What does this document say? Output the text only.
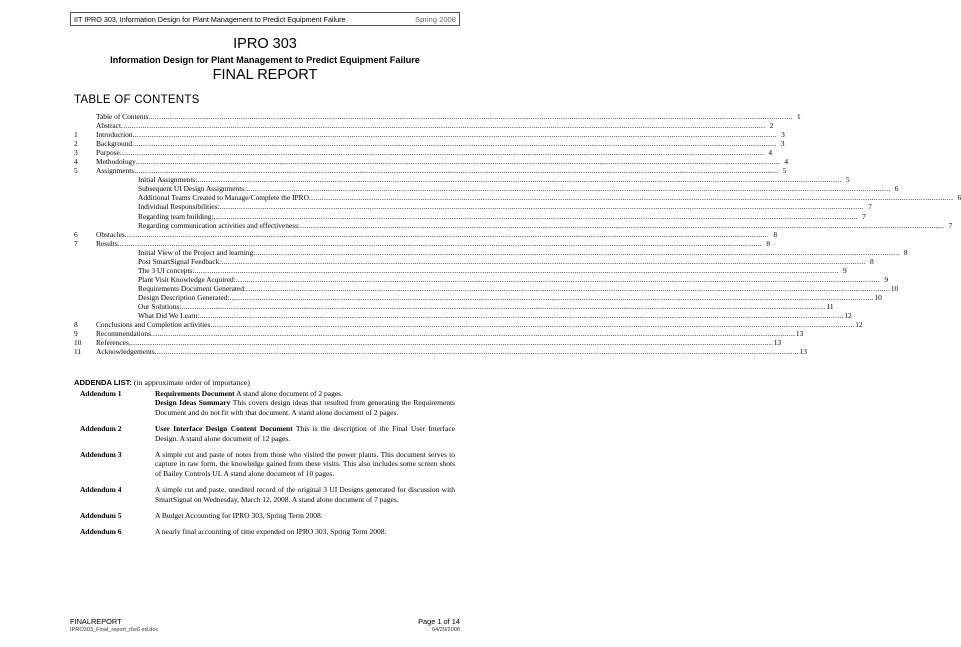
IIT IPRO 303, Information Design for Plant Management to Predict Equipment Failure	Spring 2008
IPRO 303
Information Design for Plant Management to Predict Equipment Failure
FINAL REPORT
TABLE OF CONTENTS
Table of Contents ............................................................................................................................................................................................................................................................................................................ 1
Abstract ............................................................................................................................................................................................................................................................................................................ 2
1	Introduction ............................................................................................................................................................................................................................................................................................................ 3
2	Background ............................................................................................................................................................................................................................................................................................................ 3
3	Purpose ............................................................................................................................................................................................................................................................................................................ 4
4	Methodology ............................................................................................................................................................................................................................................................................................................ 4
5	Assignments ............................................................................................................................................................................................................................................................................................................ 5
Initial Assignments: ............................................................................................................................................................................................................................................................................................................ 5
Subsequent UI Design Assignments: ............................................................................................................................................................................................................................................................................................................ 6
Additional Teams Created to Manage/Complete the IPRO ............................................................................................................................................................................................................................................................................................................ 6
Individual Responsibilities: ............................................................................................................................................................................................................................................................................................................ 7
Regarding team building: ............................................................................................................................................................................................................................................................................................................ 7
Regarding communication activities and effectiveness: ............................................................................................................................................................................................................................................................................................................ 7
6	Obstacles ............................................................................................................................................................................................................................................................................................................ 8
7	Results ............................................................................................................................................................................................................................................................................................................ 8
Initial View of the Project and learning: ............................................................................................................................................................................................................................................................................................................ 8
Post SmartSignal Feedback: ............................................................................................................................................................................................................................................................................................................ 8
The 3 UI concepts: ............................................................................................................................................................................................................................................................................................................ 9
Plant Visit Knowledge Acquired: ............................................................................................................................................................................................................................................................................................................ 9
Requirements Document Generated: ............................................................................................................................................................................................................................................................................................................ 10
Design Description Generated: ............................................................................................................................................................................................................................................................................................................ 10
Our Solutions: ............................................................................................................................................................................................................................................................................................................ 11
What Did We Learn: ............................................................................................................................................................................................................................................................................................................ 12
8	Conclusions and Completion activities ............................................................................................................................................................................................................................................................................................................ 12
9	Recommendations ............................................................................................................................................................................................................................................................................................................ 13
10	References ............................................................................................................................................................................................................................................................................................................ 13
11	Acknowledgements ............................................................................................................................................................................................................................................................................................................ 13
ADDENDA LIST: (in approximate order of importance)
Addendum 1	Requirements Document A stand alone document of 2 pages.

Design Ideas Summary This covers design ideas that resulted from generating the Requirements Document and do not fit with that document. A stand alone document of 2 pages.

Addendum 2	User Interface Design Content Document This is the description of the Final User Interface Design. A stand alone document of 12 pages.

Addendum 3	A simple cut and paste of notes from those who visited the power plants. This document serves to capture in raw form, the knowledge gained from these visits. This also includes some screen shots of Bailey Controls UI. A stand alone document of 10 pages.

Addendum 4	A simple cut and paste, unedited record of the original 3 UI Designs generated for discussion with SmartSignal on Wednesday, March 12, 2008. A stand alone document of 7 pages.

Addendum 5	A Budget Accounting for IPRO 303, Spring Term 2008.

Addendum 6	A nearly final accounting of time expended on IPRO 303, Spring Term 2008.

FINALREPORT
IPRO303_Final_report_rbs6 ed.doc
Page 1 of 14
04/29/2008
